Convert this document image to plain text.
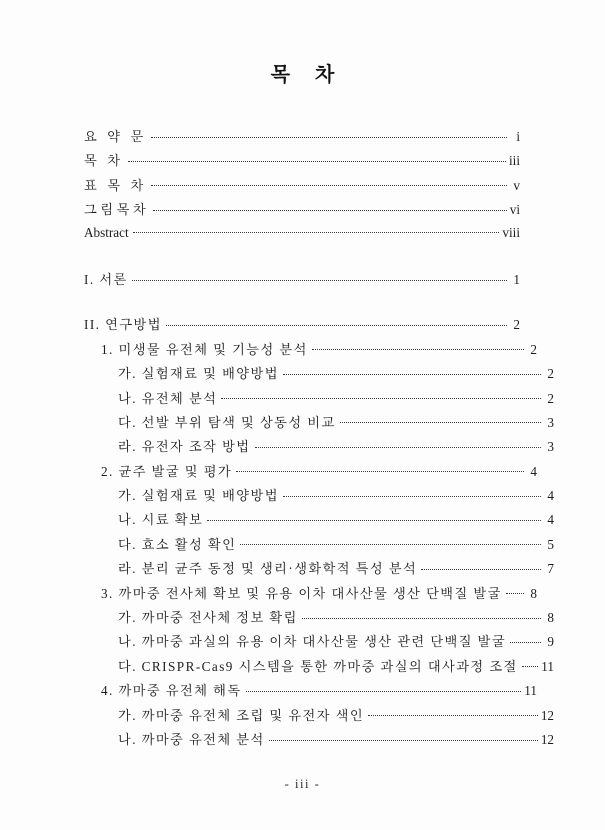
목 차
요 약 문	i
목 차	iii
표 목 차	v
그림목차	vi
Abstract	viii
I. 서론	1
II. 연구방법	2
1. 미생물 유전체 및 기능성 분석	2
가. 실험재료 및 배양방법	2
나. 유전체 분석	2
다. 선발 부위 탐색 및 상동성 비교	3
라. 유전자 조작 방법	3
2. 균주 발굴 및 평가	4
가. 실험재료 및 배양방법	4
나. 시료 확보	4
다. 효소 활성 확인	5
라. 분리 균주 동정 및 생리·생화학적 특성 분석	7
3. 까마중 전사체 확보 및 유용 이차 대사산물 생산 단백질 발굴	8
가. 까마중 전사체 정보 확립	8
나. 까마중 과실의 유용 이차 대사산물 생산 관련 단백질 발굴	9
다. CRISPR-Cas9 시스템을 통한 까마중 과실의 대사과정 조절	11
4. 까마중 유전체 해독	11
가. 까마중 유전체 조립 및 유전자 색인	12
나. 까마중 유전체 분석	12
- iii -
